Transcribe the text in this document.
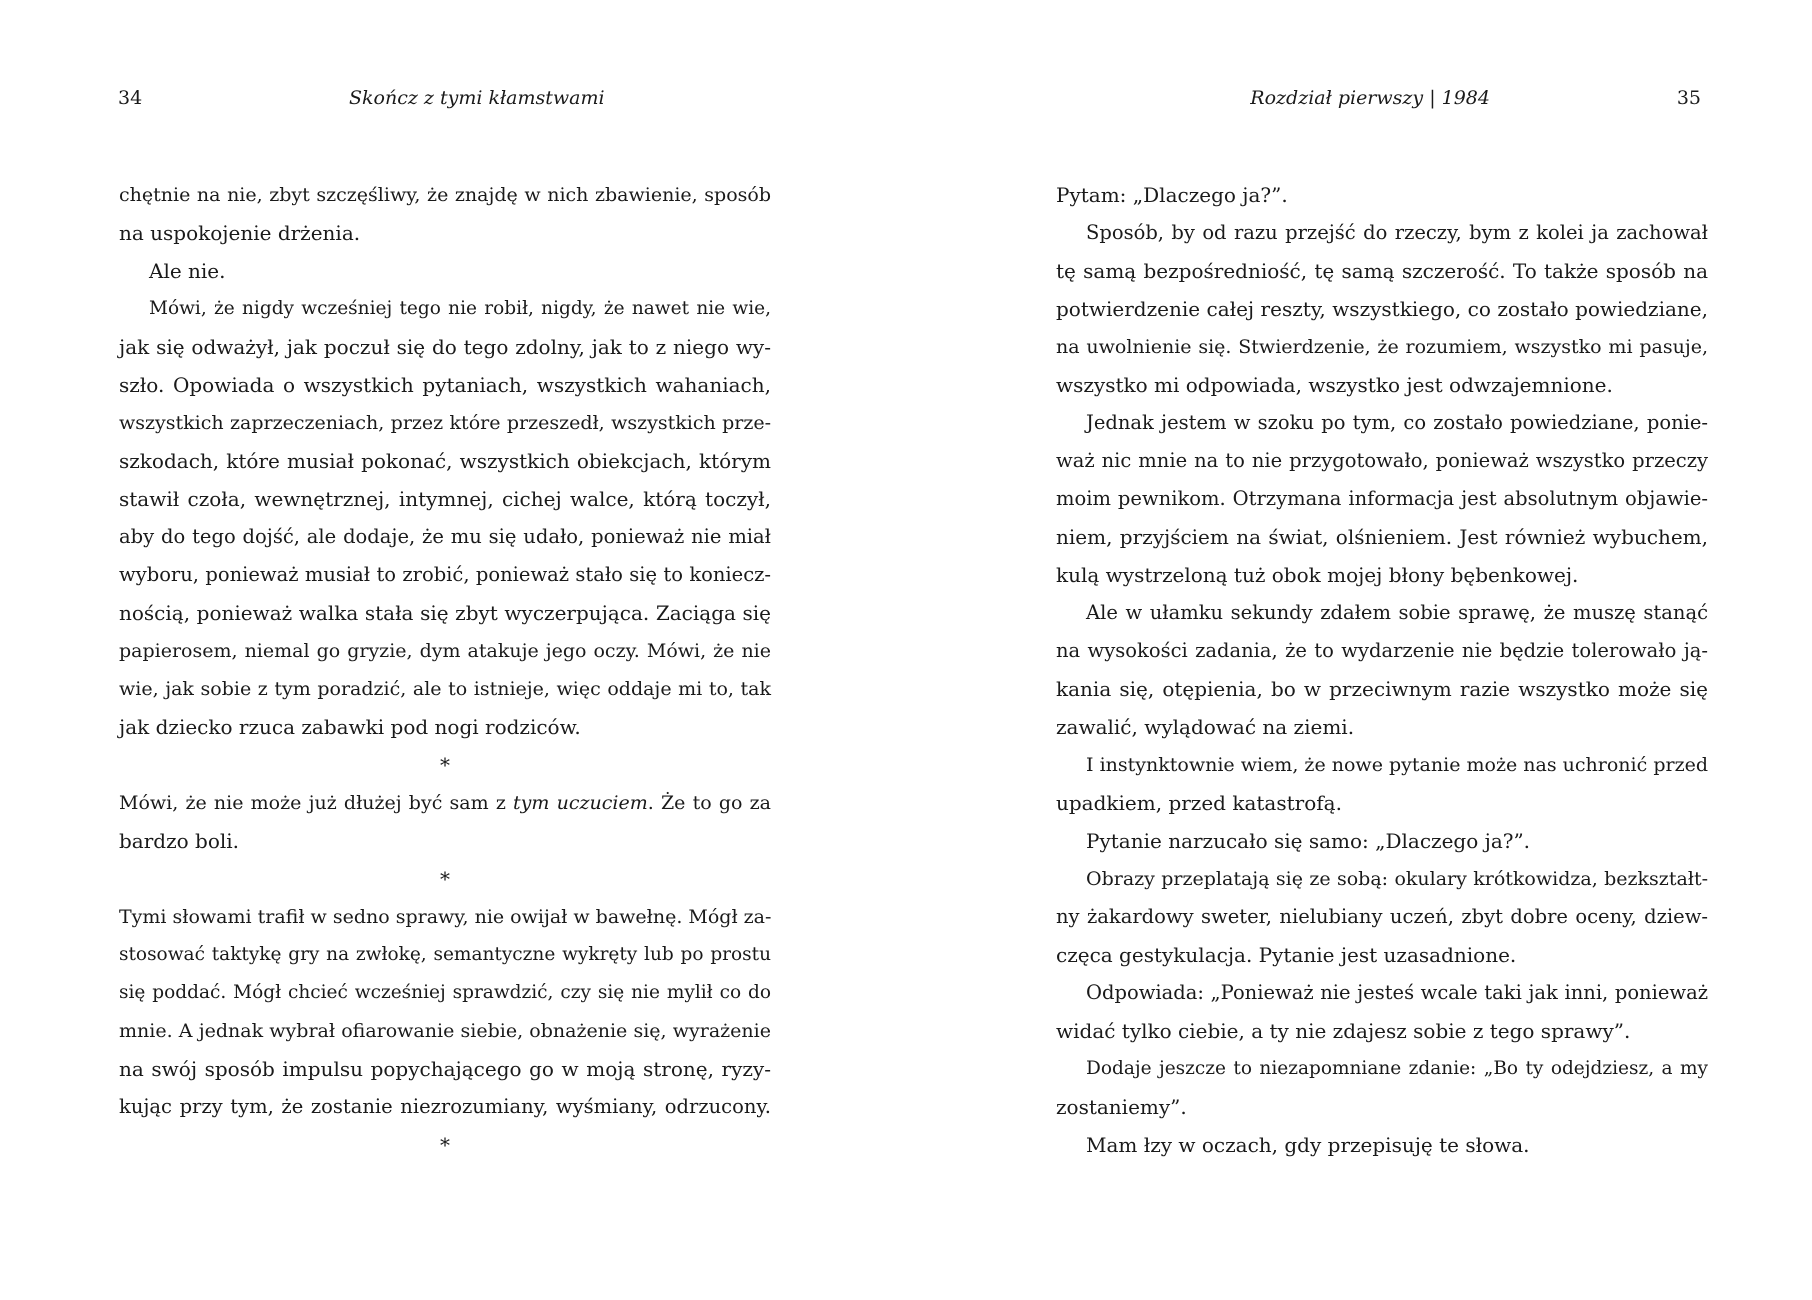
34	Skończ z tymi kłamstwami
chętnie na nie, zbyt szczęśliwy, że znajdę w nich zbawienie, sposób
na uspokojenie drżenia.
Ale nie.
Mówi, że nigdy wcześniej tego nie robił, nigdy, że nawet nie wie,
jak się odważył, jak poczuł się do tego zdolny, jak to z niego wy-
szło. Opowiada o wszystkich pytaniach, wszystkich wahaniach,
wszystkich zaprzeczeniach, przez które przeszedł, wszystkich prze-
szkodach, które musiał pokonać, wszystkich obiekcjach, którym
stawił czoła, wewnętrznej, intymnej, cichej walce, którą toczył,
aby do tego dojść, ale dodaje, że mu się udało, ponieważ nie miał
wyboru, ponieważ musiał to zrobić, ponieważ stało się to koniecz-
nością, ponieważ walka stała się zbyt wyczerpująca. Zaciąga się
papierosem, niemal go gryzie, dym atakuje jego oczy. Mówi, że nie
wie, jak sobie z tym poradzić, ale to istnieje, więc oddaje mi to, tak
jak dziecko rzuca zabawki pod nogi rodziców.
*
Mówi, że nie może już dłużej być sam z tym uczuciem. Że to go za
bardzo boli.
*
Tymi słowami trafił w sedno sprawy, nie owijał w bawełnę. Mógł za-
stosować taktykę gry na zwłokę, semantyczne wykręty lub po prostu
się poddać. Mógł chcieć wcześniej sprawdzić, czy się nie mylił co do
mnie. A jednak wybrał ofiarowanie siebie, obnażenie się, wyrażenie
na swój sposób impulsu popychającego go w moją stronę, ryzy-
kując przy tym, że zostanie niezrozumiany, wyśmiany, odrzucony.
*
Rozdział pierwszy | 1984	35
Pytam: „Dlaczego ja?”.
Sposób, by od razu przejść do rzeczy, bym z kolei ja zachował
tę samą bezpośredniość, tę samą szczerość. To także sposób na
potwierdzenie całej reszty, wszystkiego, co zostało powiedziane,
na uwolnienie się. Stwierdzenie, że rozumiem, wszystko mi pasuje,
wszystko mi odpowiada, wszystko jest odwzajemnione.
Jednak jestem w szoku po tym, co zostało powiedziane, ponie-
waż nic mnie na to nie przygotowało, ponieważ wszystko przeczy
moim pewnikom. Otrzymana informacja jest absolutnym objawie-
niem, przyjściem na świat, olśnieniem. Jest również wybuchem,
kulą wystrzeloną tuż obok mojej błony bębenkowej.
Ale w ułamku sekundy zdałem sobie sprawę, że muszę stanąć
na wysokości zadania, że to wydarzenie nie będzie tolerowało ją-
kania się, otępienia, bo w przeciwnym razie wszystko może się
zawalić, wylądować na ziemi.
I instynktownie wiem, że nowe pytanie może nas uchronić przed
upadkiem, przed katastrofą.
Pytanie narzucało się samo: „Dlaczego ja?”.
Obrazy przeplatają się ze sobą: okulary krótkowidza, bezkształt-
ny żakardowy sweter, nielubiany uczeń, zbyt dobre oceny, dziew-
częca gestykulacja. Pytanie jest uzasadnione.
Odpowiada: „Ponieważ nie jesteś wcale taki jak inni, ponieważ
widać tylko ciebie, a ty nie zdajesz sobie z tego sprawy”.
Dodaje jeszcze to niezapomniane zdanie: „Bo ty odejdziesz, a my
zostaniemy”.
Mam łzy w oczach, gdy przepisuję te słowa.
